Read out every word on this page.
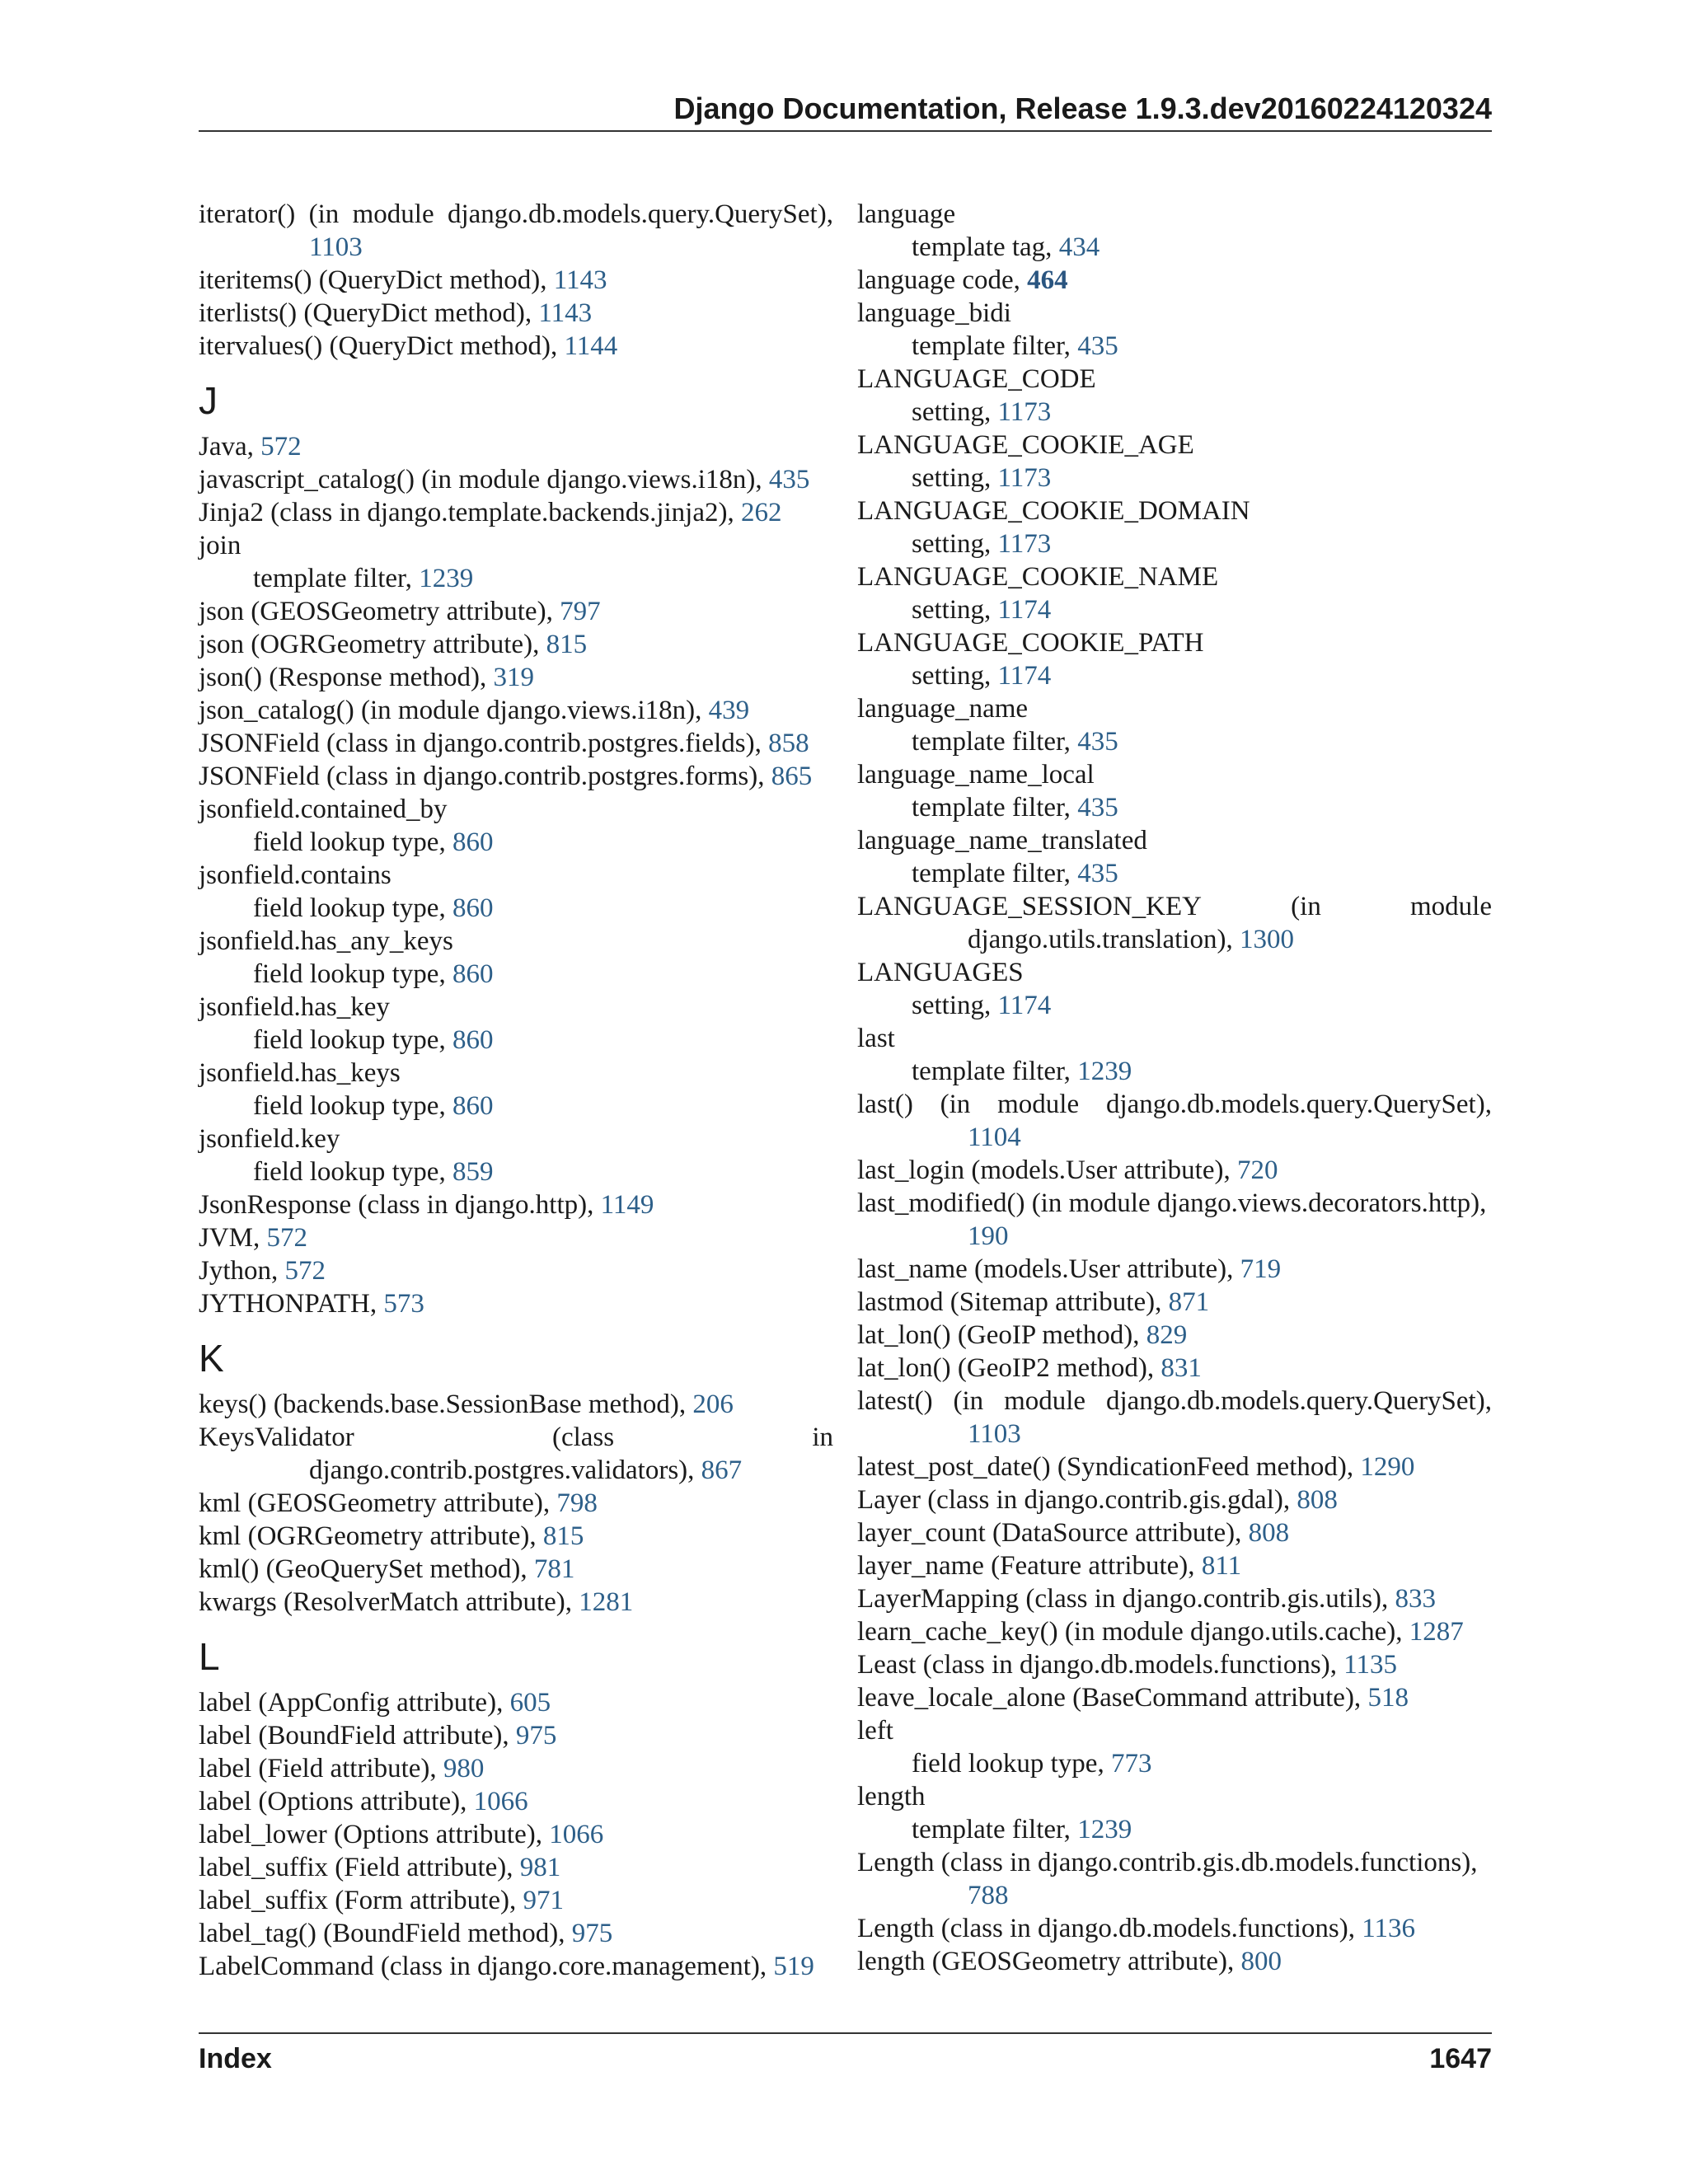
Django Documentation, Release 1.9.3.dev20160224120324
iterator() (in module django.db.models.query.QuerySet),
1103
iteritems() (QueryDict method), 1143
iterlists() (QueryDict method), 1143
itervalues() (QueryDict method), 1144
J
Java, 572
javascript_catalog() (in module django.views.i18n), 435
Jinja2 (class in django.template.backends.jinja2), 262
join
template filter, 1239
json (GEOSGeometry attribute), 797
json (OGRGeometry attribute), 815
json() (Response method), 319
json_catalog() (in module django.views.i18n), 439
JSONField (class in django.contrib.postgres.fields), 858
JSONField (class in django.contrib.postgres.forms), 865
jsonfield.contained_by
field lookup type, 860
jsonfield.contains
field lookup type, 860
jsonfield.has_any_keys
field lookup type, 860
jsonfield.has_key
field lookup type, 860
jsonfield.has_keys
field lookup type, 860
jsonfield.key
field lookup type, 859
JsonResponse (class in django.http), 1149
JVM, 572
Jython, 572
JYTHONPATH, 573
K
keys() (backends.base.SessionBase method), 206
KeysValidator	(class	in
django.contrib.postgres.validators), 867
kml (GEOSGeometry attribute), 798
kml (OGRGeometry attribute), 815
kml() (GeoQuerySet method), 781
kwargs (ResolverMatch attribute), 1281
L
label (AppConfig attribute), 605
label (BoundField attribute), 975
label (Field attribute), 980
label (Options attribute), 1066
label_lower (Options attribute), 1066
label_suffix (Field attribute), 981
label_suffix (Form attribute), 971
label_tag() (BoundField method), 975
LabelCommand (class in django.core.management), 519
language
template tag, 434
language code, 464
language_bidi
template filter, 435
LANGUAGE_CODE
setting, 1173
LANGUAGE_COOKIE_AGE
setting, 1173
LANGUAGE_COOKIE_DOMAIN
setting, 1173
LANGUAGE_COOKIE_NAME
setting, 1174
LANGUAGE_COOKIE_PATH
setting, 1174
language_name
template filter, 435
language_name_local
template filter, 435
language_name_translated
template filter, 435
LANGUAGE_SESSION_KEY	(in	module
django.utils.translation), 1300
LANGUAGES
setting, 1174
last
template filter, 1239
last() (in module django.db.models.query.QuerySet),
1104
last_login (models.User attribute), 720
last_modified() (in module django.views.decorators.http),
190
last_name (models.User attribute), 719
lastmod (Sitemap attribute), 871
lat_lon() (GeoIP method), 829
lat_lon() (GeoIP2 method), 831
latest() (in module django.db.models.query.QuerySet),
1103
latest_post_date() (SyndicationFeed method), 1290
Layer (class in django.contrib.gis.gdal), 808
layer_count (DataSource attribute), 808
layer_name (Feature attribute), 811
LayerMapping (class in django.contrib.gis.utils), 833
learn_cache_key() (in module django.utils.cache), 1287
Least (class in django.db.models.functions), 1135
leave_locale_alone (BaseCommand attribute), 518
left
field lookup type, 773
length
template filter, 1239
Length (class in django.contrib.gis.db.models.functions),
788
Length (class in django.db.models.functions), 1136
length (GEOSGeometry attribute), 800
Index	1647
